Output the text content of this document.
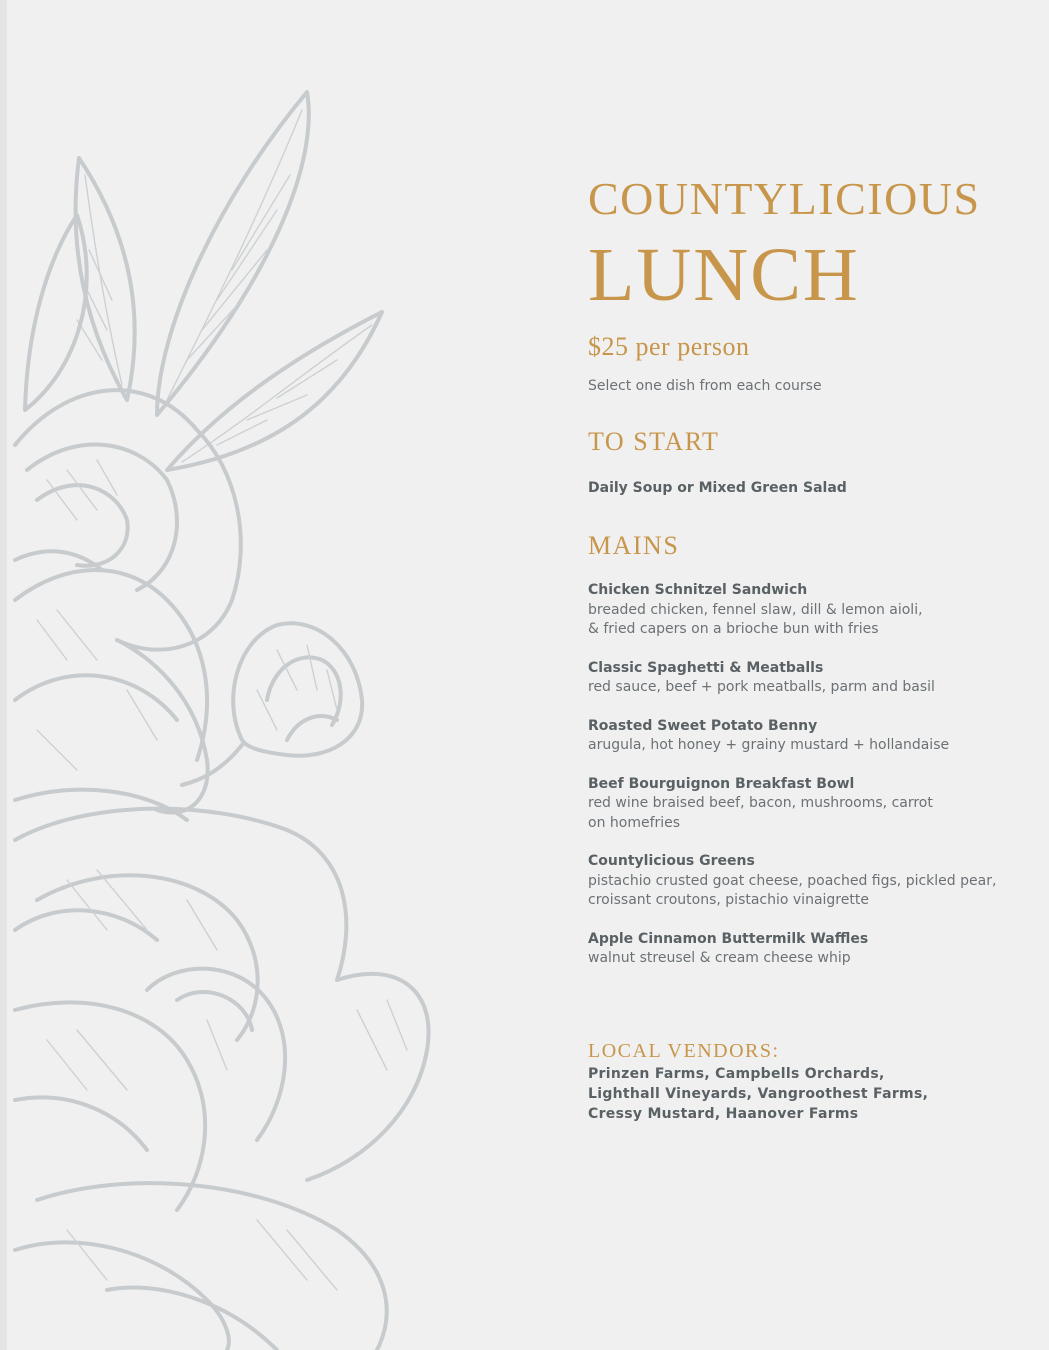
COUNTYLICIOUS
LUNCH
$25 per person
Select one dish from each course
TO START
Daily Soup or Mixed Green Salad
MAINS
Chicken Schnitzel Sandwich
breaded chicken, fennel slaw, dill & lemon aioli,
& fried capers on a brioche bun with fries
Classic Spaghetti & Meatballs
red sauce, beef + pork meatballs, parm and basil
Roasted Sweet Potato Benny
arugula, hot honey + grainy mustard + hollandaise
Beef Bourguignon Breakfast Bowl
red wine braised beef, bacon, mushrooms, carrot
on homefries
Countylicious Greens
pistachio crusted goat cheese, poached figs, pickled pear,
croissant croutons, pistachio vinaigrette
Apple Cinnamon Buttermilk Waffles
walnut streusel & cream cheese whip
LOCAL VENDORS:
Prinzen Farms, Campbells Orchards,
Lighthall Vineyards, Vangroothest Farms,
Cressy Mustard, Haanover Farms
